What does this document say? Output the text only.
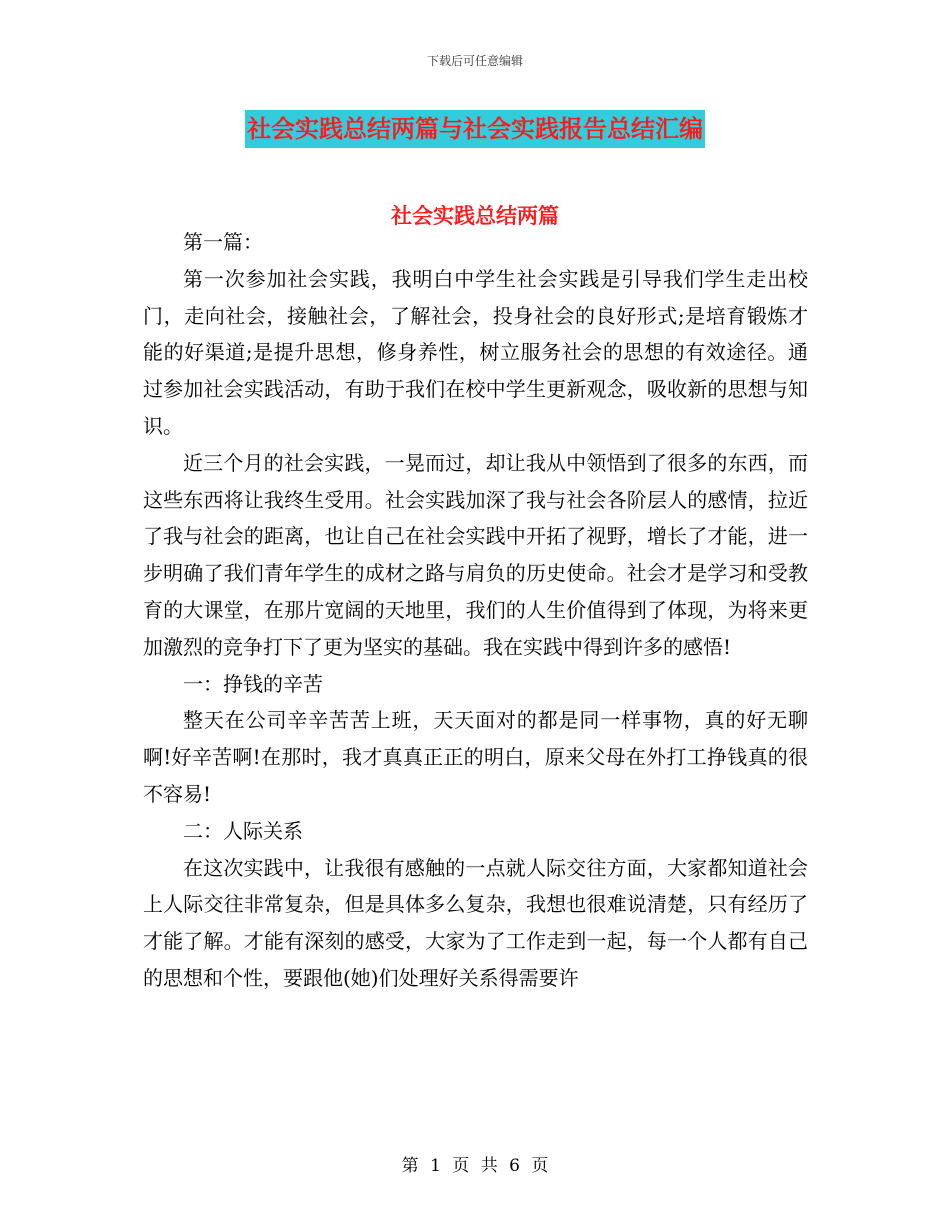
下载后可任意编辑
社会实践总结两篇与社会实践报告总结汇编
社会实践总结两篇

第一篇：

第一次参加社会实践，我明白中学生社会实践是引导我们学生走出校门，走向社会，接触社会，了解社会，投身社会的良好形式;是培育锻炼才能的好渠道;是提升思想，修身养性，树立服务社会的思想的有效途径。通过参加社会实践活动，有助于我们在校中学生更新观念，吸收新的思想与知识。

近三个月的社会实践，一晃而过，却让我从中领悟到了很多的东西，而这些东西将让我终生受用。社会实践加深了我与社会各阶层人的感情，拉近了我与社会的距离，也让自己在社会实践中开拓了视野，增长了才能，进一步明确了我们青年学生的成材之路与肩负的历史使命。社会才是学习和受教育的大课堂，在那片宽阔的天地里，我们的人生价值得到了体现，为将来更加激烈的竞争打下了更为坚实的基础。我在实践中得到许多的感悟!

一：挣钱的辛苦

整天在公司辛辛苦苦上班，天天面对的都是同一样事物，真的好无聊啊!好辛苦啊!在那时，我才真真正正的明白，原来父母在外打工挣钱真的很不容易!

二：人际关系

在这次实践中，让我很有感触的一点就人际交往方面，大家都知道社会上人际交往非常复杂，但是具体多么复杂，我想也很难说清楚，只有经历了才能了解。才能有深刻的感受，大家为了工作走到一起，每一个人都有自己的思想和个性，要跟他(她)们处理好关系得需要许

第 1 页 共 6 页
